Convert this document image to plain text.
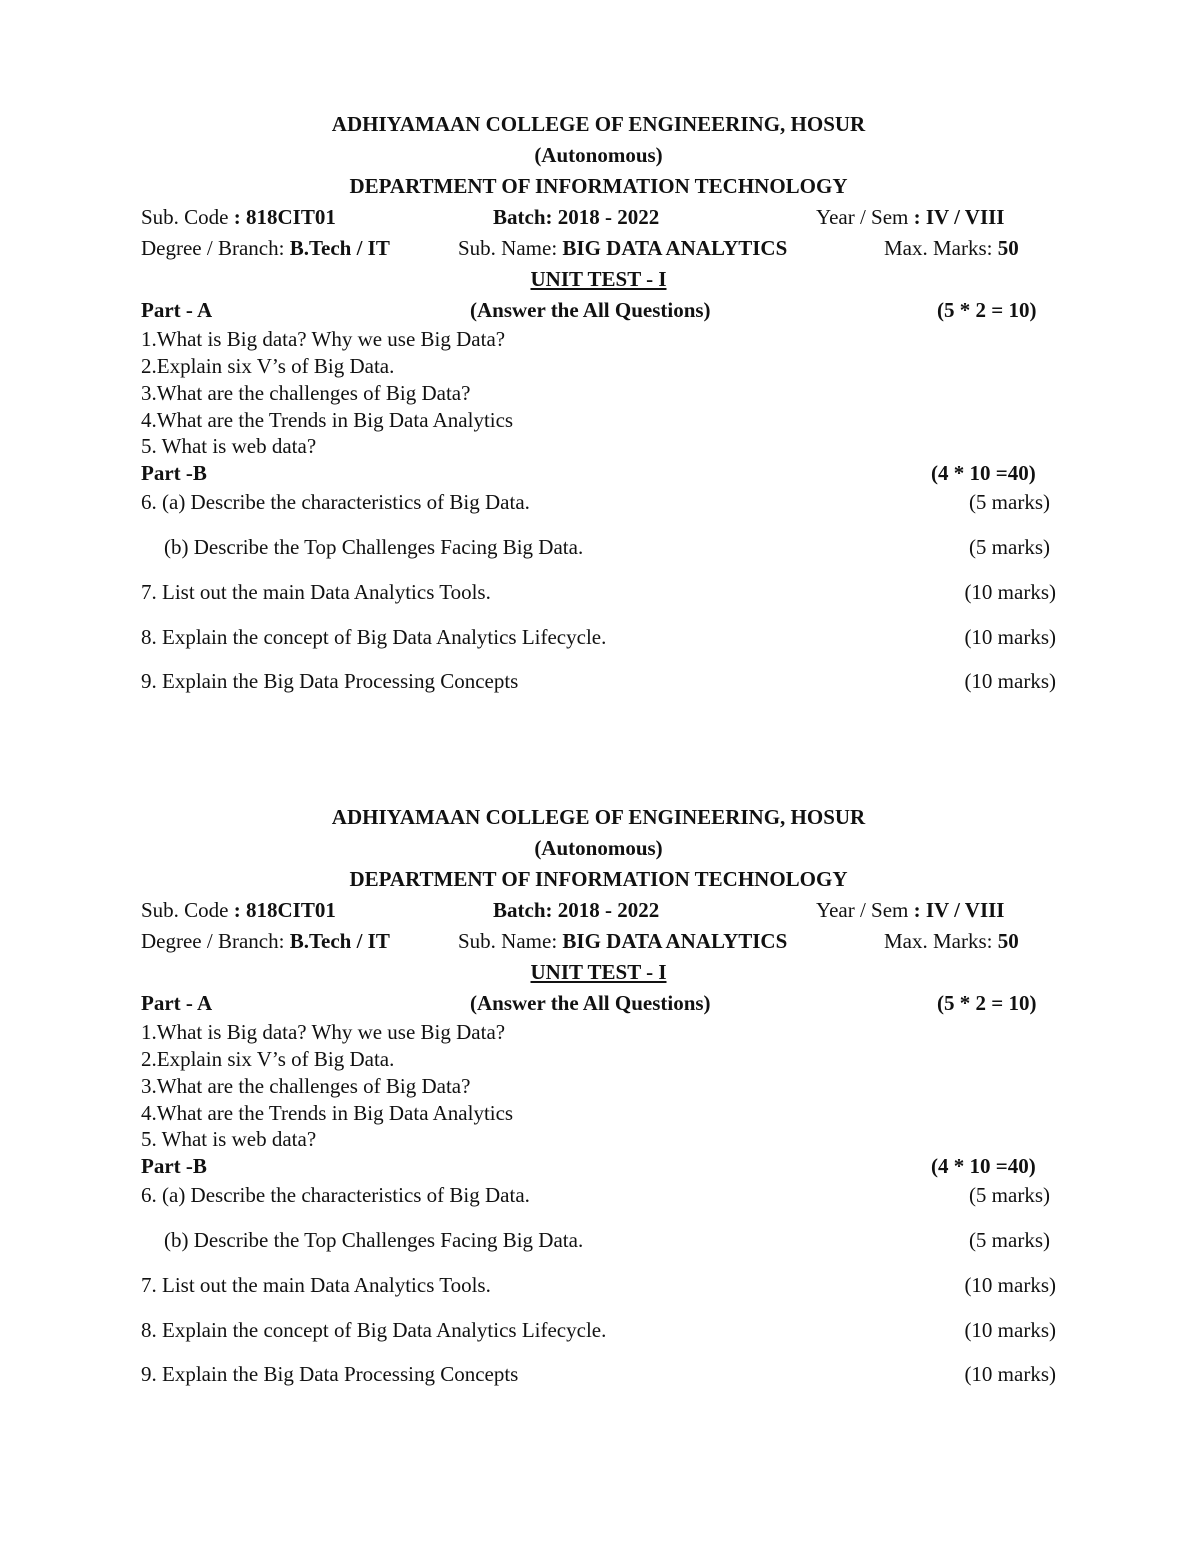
ADHIYAMAAN COLLEGE OF ENGINEERING, HOSUR
(Autonomous)
DEPARTMENT OF INFORMATION TECHNOLOGY
Sub. Code : 818CIT01	Batch: 2018 - 2022	Year / Sem : IV / VIII
Degree / Branch: B.Tech / IT	Sub. Name: BIG DATA ANALYTICS	Max. Marks: 50
UNIT TEST - I
Part - A	(Answer the All Questions)	(5 * 2 = 10)
1.What is Big data? Why we use Big Data?
2.Explain six V’s of Big Data.
3.What are the challenges of Big Data?
4.What are the Trends in Big Data Analytics
5. What is web data?
Part -B	(4 * 10 =40)
6. (a) Describe the characteristics of Big Data.	(5 marks)
(b) Describe the Top Challenges Facing Big Data.	(5 marks)
7. List out the main Data Analytics Tools.	(10 marks)
8. Explain the concept of Big Data Analytics Lifecycle.	(10 marks)
9. Explain the Big Data Processing Concepts	(10 marks)
ADHIYAMAAN COLLEGE OF ENGINEERING, HOSUR
(Autonomous)
DEPARTMENT OF INFORMATION TECHNOLOGY
Sub. Code : 818CIT01	Batch: 2018 - 2022	Year / Sem : IV / VIII
Degree / Branch: B.Tech / IT	Sub. Name: BIG DATA ANALYTICS	Max. Marks: 50
UNIT TEST - I
Part - A	(Answer the All Questions)	(5 * 2 = 10)
1.What is Big data? Why we use Big Data?
2.Explain six V’s of Big Data.
3.What are the challenges of Big Data?
4.What are the Trends in Big Data Analytics
5. What is web data?
Part -B	(4 * 10 =40)
6. (a) Describe the characteristics of Big Data.	(5 marks)
(b) Describe the Top Challenges Facing Big Data.	(5 marks)
7. List out the main Data Analytics Tools.	(10 marks)
8. Explain the concept of Big Data Analytics Lifecycle.	(10 marks)
9. Explain the Big Data Processing Concepts	(10 marks)
